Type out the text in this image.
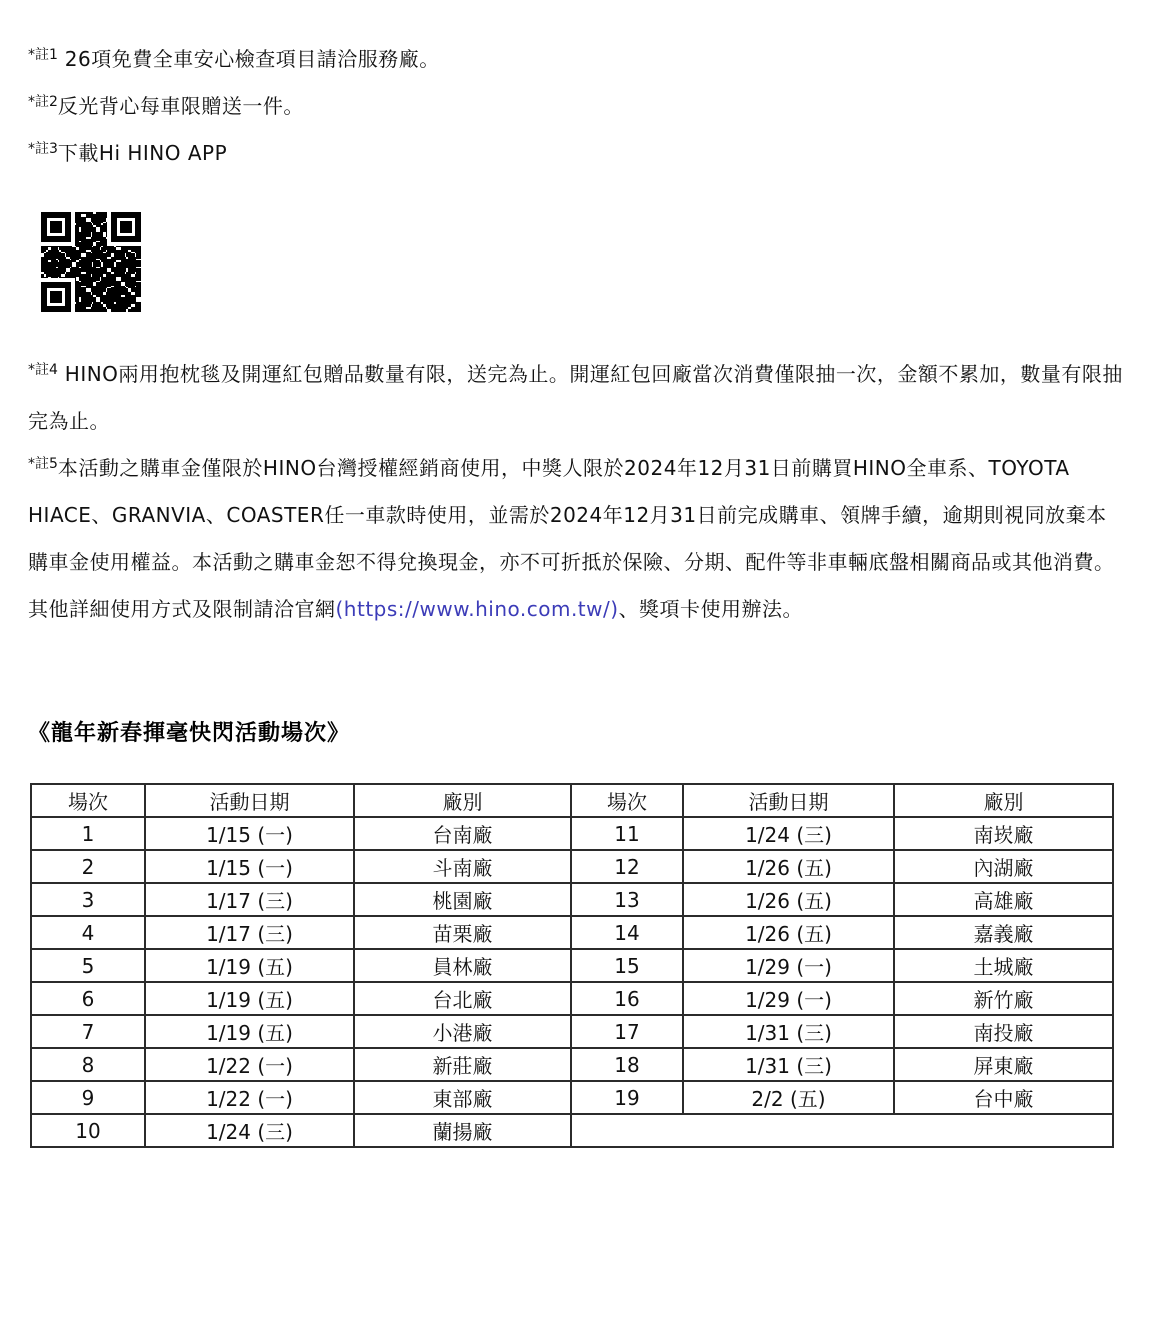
$^{*註1}$ 26項免費全車安心檢查項目請洽服務廠。

$^{*註2}$反光背心每車限贈送一件。

$^{*註3}$下載Hi HINO APP

$^{*註4}$ HINO兩用抱枕毯及開運紅包贈品數量有限，送完為止。開運紅包回廠當次消費僅限抽一次，金額不累加，數量有限抽完為止。

$^{*註5}$本活動之購車金僅限於HINO台灣授權經銷商使用，中獎人限於2024年12月31日前購買HINO全車系、TOYOTA HIACE、GRANVIA、COASTER任一車款時使用，並需於2024年12月31日前完成購車、領牌手續，逾期則視同放棄本購車金使用權益。本活動之購車金恕不得兌換現金，亦不可折抵於保險、分期、配件等非車輛底盤相關商品或其他消費。其他詳細使用方式及限制請洽官網(https://www.hino.com.tw/)、獎項卡使用辦法。

《龍年新春揮毫快閃活動場次》
場次	活動日期	廠別	場次	活動日期	廠別
1	1/15 (一)	台南廠	11	1/24 (三)	南崁廠
2	1/15 (一)	斗南廠	12	1/26 (五)	內湖廠
3	1/17 (三)	桃園廠	13	1/26 (五)	高雄廠
4	1/17 (三)	苗栗廠	14	1/26 (五)	嘉義廠
5	1/19 (五)	員林廠	15	1/29 (一)	土城廠
6	1/19 (五)	台北廠	16	1/29 (一)	新竹廠
7	1/19 (五)	小港廠	17	1/31 (三)	南投廠
8	1/22 (一)	新莊廠	18	1/31 (三)	屏東廠
9	1/22 (一)	東部廠	19	2/2 (五)	台中廠
10	1/24 (三)	蘭揚廠			
